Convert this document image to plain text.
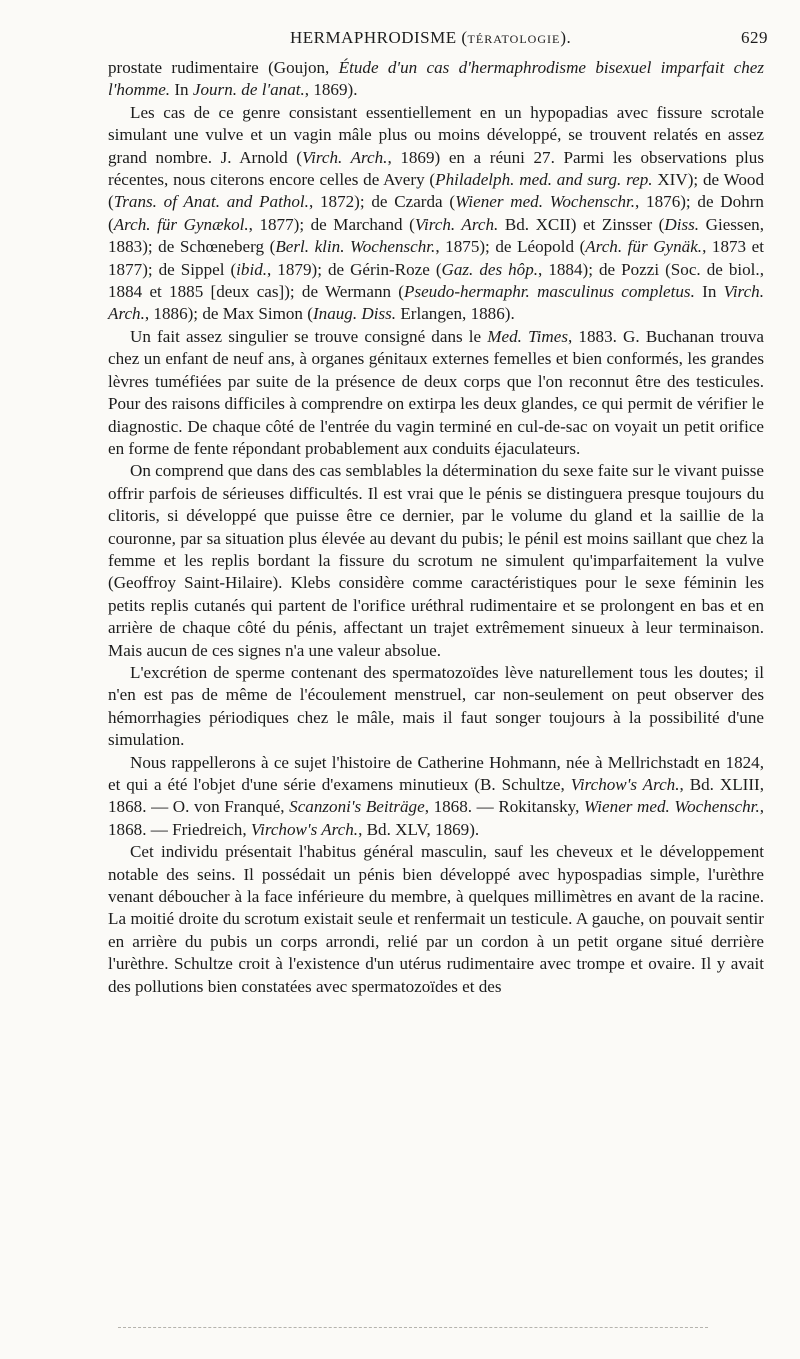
HERMAPHRODISME (TÉRATOLOGIE).	629

prostate rudimentaire (Goujon, Étude d'un cas d'hermaphrodisme bisexuel imparfait chez l'homme. In Journ. de l'anat., 1869).

Les cas de ce genre consistant essentiellement en un hypopadias avec fissure scrotale simulant une vulve et un vagin mâle plus ou moins développé, se trouvent relatés en assez grand nombre. J. Arnold (Virch. Arch., 1869) en a réuni 27. Parmi les observations plus récentes, nous citerons encore celles de Avery (Philadelph. med. and surg. rep. XIV); de Wood (Trans. of Anat. and Pathol., 1872); de Czarda (Wiener med. Wochenschr., 1876); de Dohrn (Arch. für Gynækol., 1877); de Marchand (Virch. Arch. Bd. XCII) et Zinsser (Diss. Giessen, 1883); de Schœneberg (Berl. klin. Wochenschr., 1875); de Léopold (Arch. für Gynäk., 1873 et 1877); de Sippel (ibid., 1879); de Gérin-Roze (Gaz. des hôp., 1884); de Pozzi (Soc. de biol., 1884 et 1885 [deux cas]); de Wermann (Pseudo-hermaphr. masculinus completus. In Virch. Arch., 1886); de Max Simon (Inaug. Diss. Erlangen, 1886).

Un fait assez singulier se trouve consigné dans le Med. Times, 1883. G. Buchanan trouva chez un enfant de neuf ans, à organes génitaux externes femelles et bien conformés, les grandes lèvres tuméfiées par suite de la présence de deux corps que l'on reconnut être des testicules. Pour des raisons difficiles à comprendre on extirpa les deux glandes, ce qui permit de vérifier le diagnostic. De chaque côté de l'entrée du vagin terminé en cul-de-sac on voyait un petit orifice en forme de fente répondant probablement aux conduits éjaculateurs.

On comprend que dans des cas semblables la détermination du sexe faite sur le vivant puisse offrir parfois de sérieuses difficultés. Il est vrai que le pénis se distinguera presque toujours du clitoris, si développé que puisse être ce dernier, par le volume du gland et la saillie de la couronne, par sa situation plus élevée au devant du pubis; le pénil est moins saillant que chez la femme et les replis bordant la fissure du scrotum ne simulent qu'imparfaitement la vulve (Geoffroy Saint-Hilaire). Klebs considère comme caractéristiques pour le sexe féminin les petits replis cutanés qui partent de l'orifice uréthral rudimentaire et se prolongent en bas et en arrière de chaque côté du pénis, affectant un trajet extrêmement sinueux à leur terminaison. Mais aucun de ces signes n'a une valeur absolue.

L'excrétion de sperme contenant des spermatozoïdes lève naturellement tous les doutes; il n'en est pas de même de l'écoulement menstruel, car non-seulement on peut observer des hémorrhagies périodiques chez le mâle, mais il faut songer toujours à la possibilité d'une simulation.

Nous rappellerons à ce sujet l'histoire de Catherine Hohmann, née à Mellrichstadt en 1824, et qui a été l'objet d'une série d'examens minutieux (B. Schultze, Virchow's Arch., Bd. XLIII, 1868. — O. von Franqué, Scanzoni's Beiträge, 1868. — Rokitansky, Wiener med. Wochenschr., 1868. — Friedreich, Virchow's Arch., Bd. XLV, 1869).

Cet individu présentait l'habitus général masculin, sauf les cheveux et le développement notable des seins. Il possédait un pénis bien développé avec hypospadias simple, l'urèthre venant déboucher à la face inférieure du membre, à quelques millimètres en avant de la racine. La moitié droite du scrotum existait seule et renfermait un testicule. A gauche, on pouvait sentir en arrière du pubis un corps arrondi, relié par un cordon à un petit organe situé derrière l'urèthre. Schultze croit à l'existence d'un utérus rudimentaire avec trompe et ovaire. Il y avait des pollutions bien constatées avec spermatozoïdes et des
